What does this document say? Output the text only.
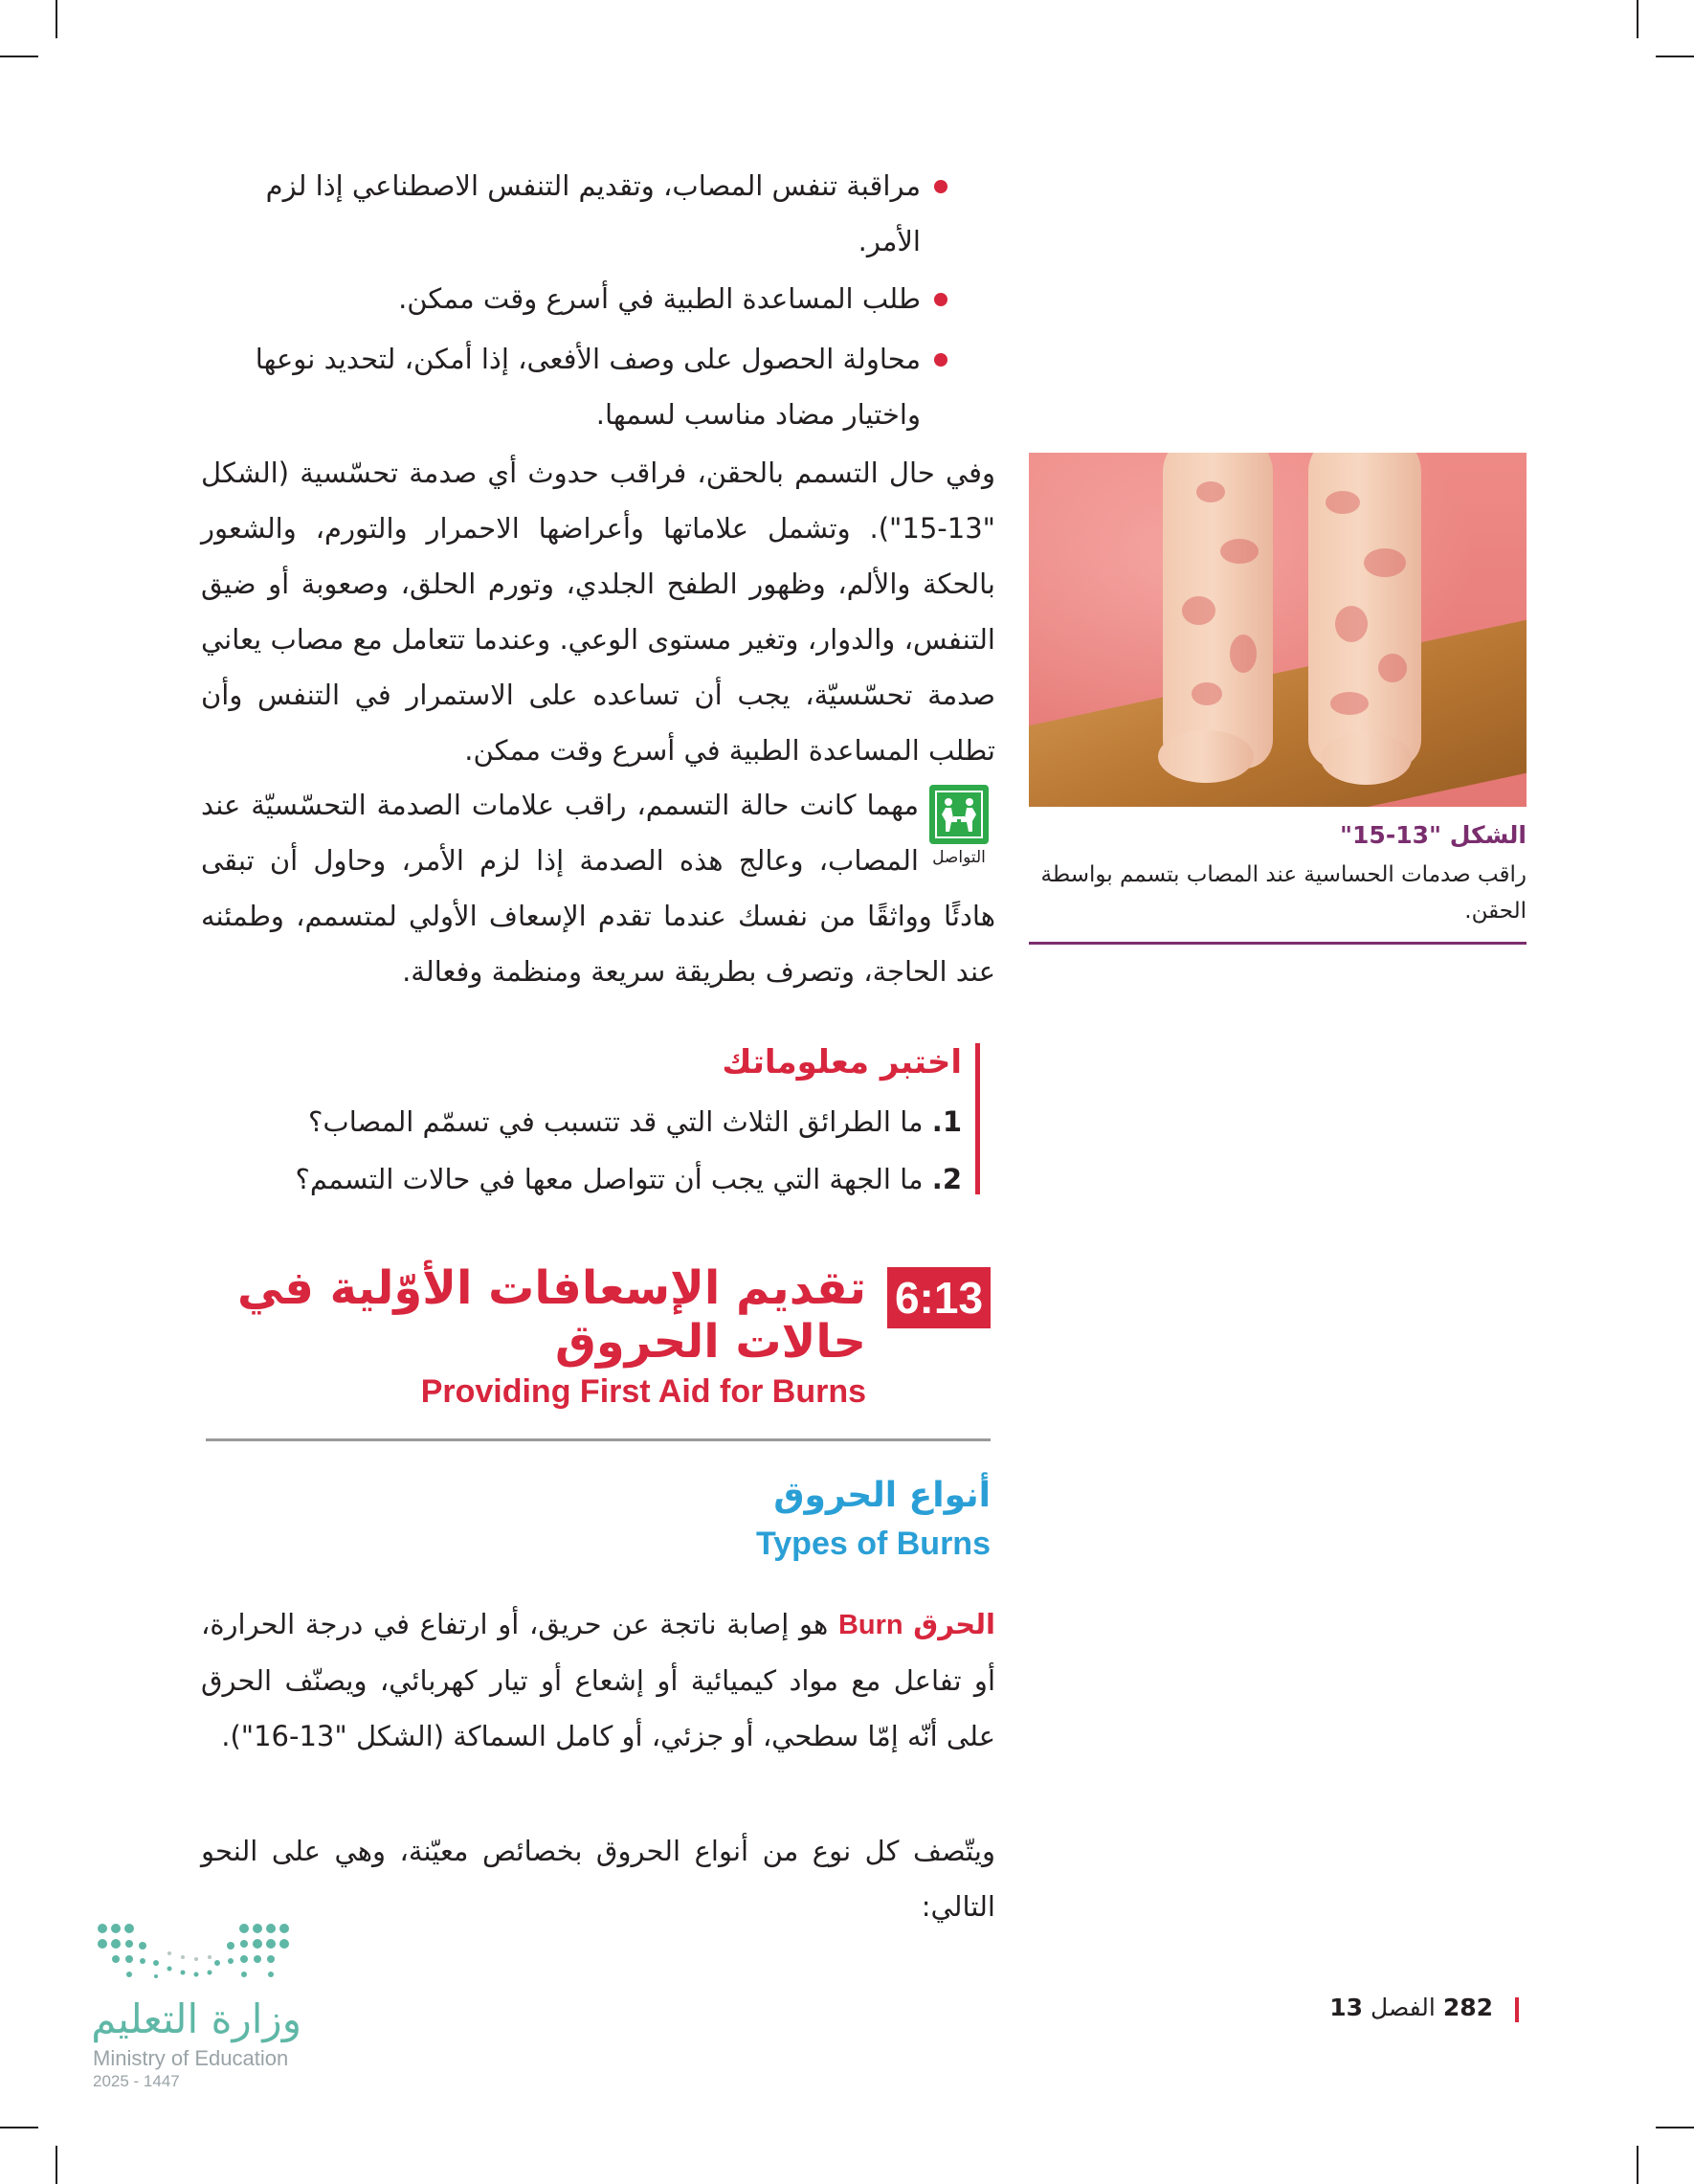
مراقبة تنفس المصاب، وتقديم التنفس الاصطناعي إذا لزم
الأمر.
طلب المساعدة الطبية في أسرع وقت ممكن.
محاولة الحصول على وصف الأفعى، إذا أمكن، لتحديد نوعها
واختيار مضاد مناسب لسمها.
وفي حال التسمم بالحقن، فراقب حدوث أي صدمة تحسّسية (الشكل "13-15"). وتشمل علاماتها وأعراضها الاحمرار والتورم، والشعور بالحكة والألم، وظهور الطفح الجلدي، وتورم الحلق، وصعوبة أو ضيق التنفس، والدوار، وتغير مستوى الوعي. وعندما تتعامل مع مصاب يعاني صدمة تحسّسيّة، يجب أن تساعده على الاستمرار في التنفس وأن تطلب المساعدة الطبية في أسرع وقت ممكن.
التواصل
مهما كانت حالة التسمم، راقب علامات الصدمة التحسّسيّة عند المصاب، وعالج هذه الصدمة إذا لزم الأمر، وحاول أن تبقى هادئًا وواثقًا من نفسك عندما تقدم الإسعاف الأولي لمتسمم، وطمئنه عند الحاجة، وتصرف بطريقة سريعة ومنظمة وفعالة.
الشكل "13-15"
راقب صدمات الحساسية عند المصاب بتسمم بواسطة الحقن.
اختبر معلوماتك
1. ما الطرائق الثلاث التي قد تتسبب في تسمّم المصاب؟
2. ما الجهة التي يجب أن تتواصل معها في حالات التسمم؟
6:13
تقديم الإسعافات الأوّلية في حالات الحروق
Providing First Aid for Burns
أنواع الحروق
Types of Burns
الحرق Burn هو إصابة ناتجة عن حريق، أو ارتفاع في درجة الحرارة، أو تفاعل مع مواد كيميائية أو إشعاع أو تيار كهربائي، ويصنّف الحرق على أنّه إمّا سطحي، أو جزئي، أو كامل السماكة (الشكل "13-16").
ويتّصف كل نوع من أنواع الحروق بخصائص معيّنة، وهي على النحو التالي:
وزارة التعليم
Ministry of Education
2025 - 1447
282 الفصل 13
